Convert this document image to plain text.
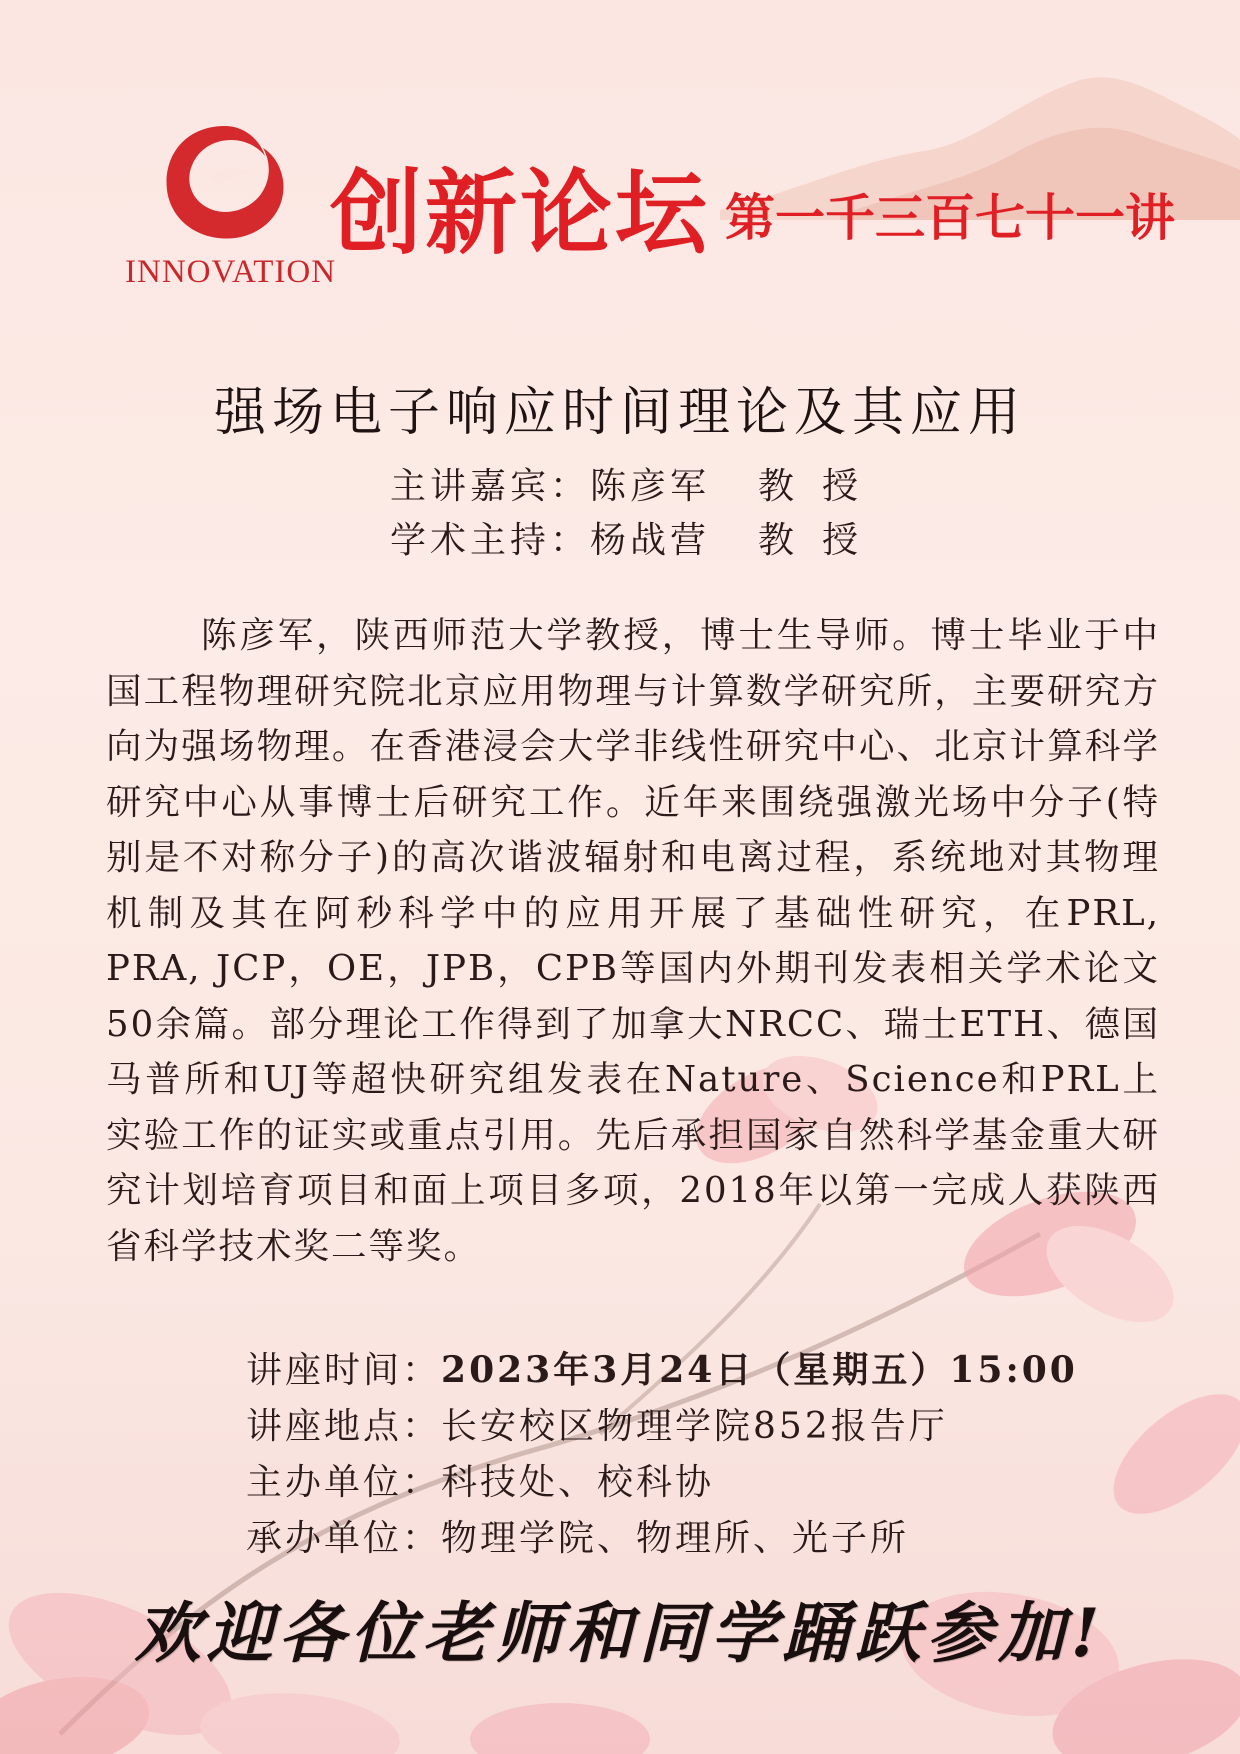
INNOVATION
创新论坛 第一千三百七十一讲
强场电子响应时间理论及其应用
主讲嘉宾：陈彦军 教授
学术主持：杨战营 教授

陈彦军，陕西师范大学教授，博士生导师。博士毕业于中国工程物理研究院北京应用物理与计算数学研究所，主要研究方向为强场物理。在香港浸会大学非线性研究中心、北京计算科学研究中心从事博士后研究工作。近年来围绕强激光场中分子(特别是不对称分子)的高次谐波辐射和电离过程，系统地对其物理机制及其在阿秒科学中的应用开展了基础性研究，在PRL, PRA, JCP，OE，JPB，CPB等国内外期刊发表相关学术论文50余篇。部分理论工作得到了加拿大NRCC、瑞士ETH、德国马普所和UJ等超快研究组发表在Nature、Science和PRL上实验工作的证实或重点引用。先后承担国家自然科学基金重大研究计划培育项目和面上项目多项，2018年以第一完成人获陕西省科学技术奖二等奖。

讲座时间：2023年3月24日（星期五）15:00
讲座地点：长安校区物理学院852报告厅
主办单位：科技处、校科协
承办单位：物理学院、物理所、光子所
欢迎各位老师和同学踊跃参加!
